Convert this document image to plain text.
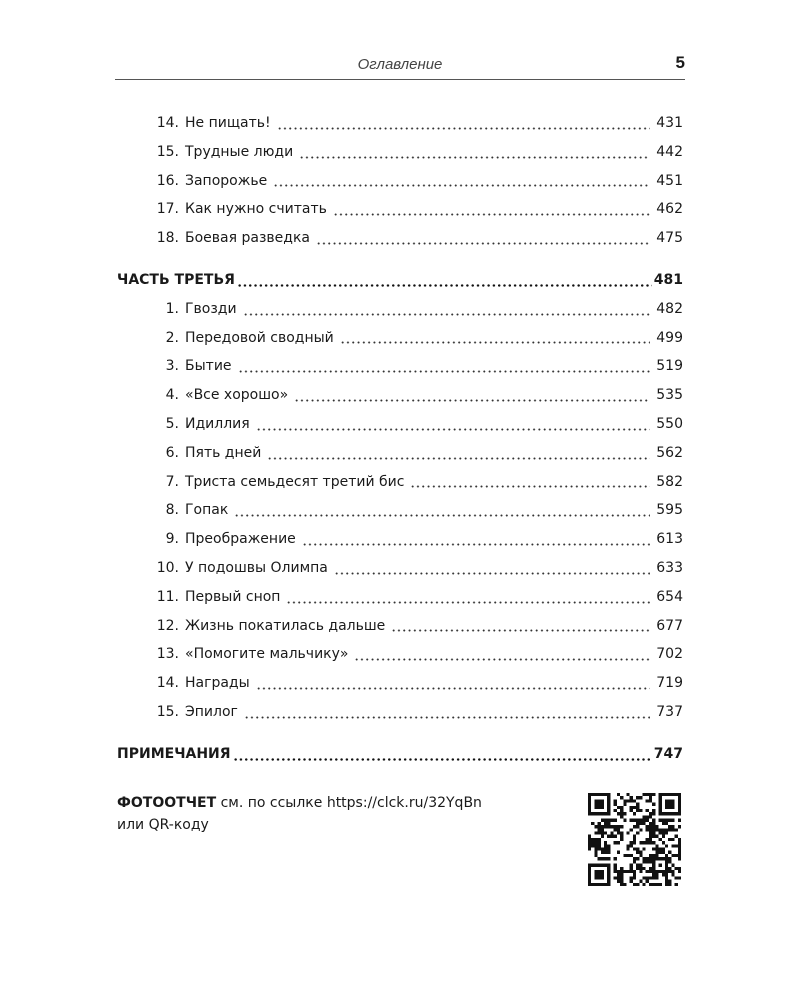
Оглавление	5
14. Не пищать!	431
15. Трудные люди	442
16. Запорожье	451
17. Как нужно считать	462
18. Боевая разведка	475
ЧАСТЬ ТРЕТЬЯ	481
1. Гвозди	482
2. Передовой сводный	499
3. Бытие	519
4. «Все хорошо»	535
5. Идиллия	550
6. Пять дней	562
7. Триста семьдесят третий бис	582
8. Гопак	595
9. Преображение	613
10. У подошвы Олимпа	633
11. Первый сноп	654
12. Жизнь покатилась дальше	677
13. «Помогите мальчику»	702
14. Награды	719
15. Эпилог	737
ПРИМЕЧАНИЯ	747
ФОТООТЧЕТ см. по ссылке https://clck.ru/32YqBn
или QR-коду
